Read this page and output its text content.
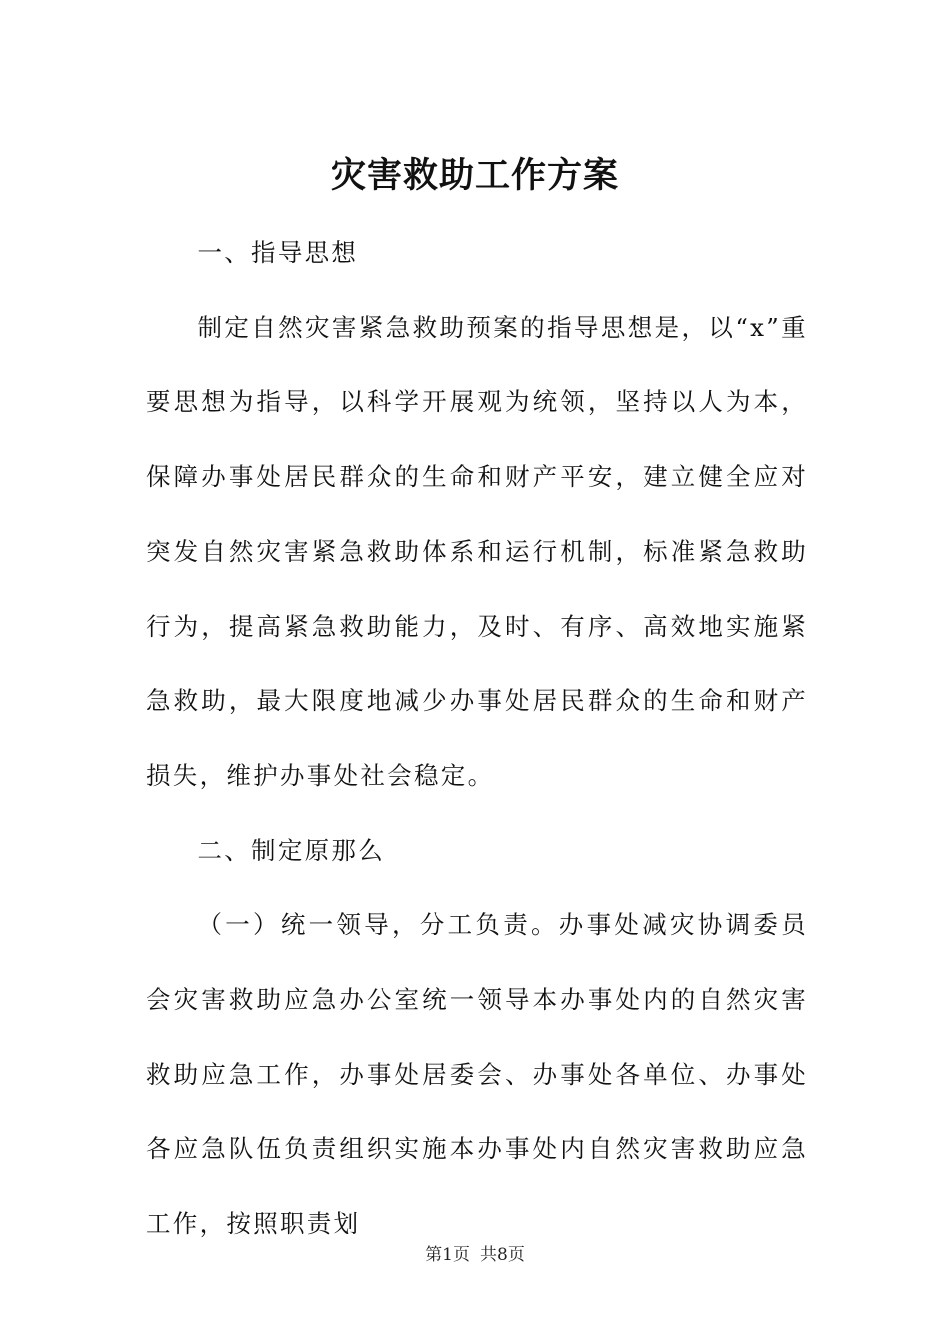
灾害救助工作方案

一、指导思想

制定自然灾害紧急救助预案的指导思想是，以“x”重要思想为指导，以科学开展观为统领，坚持以人为本，保障办事处居民群众的生命和财产平安，建立健全应对突发自然灾害紧急救助体系和运行机制，标准紧急救助行为，提高紧急救助能力，及时、有序、高效地实施紧急救助，最大限度地减少办事处居民群众的生命和财产损失，维护办事处社会稳定。

二、制定原那么

（一）统一领导，分工负责。办事处减灾协调委员会灾害救助应急办公室统一领导本办事处内的自然灾害救助应急工作，办事处居委会、办事处各单位、办事处各应急队伍负责组织实施本办事处内自然灾害救助应急工作，按照职责划

第1页 共8页
